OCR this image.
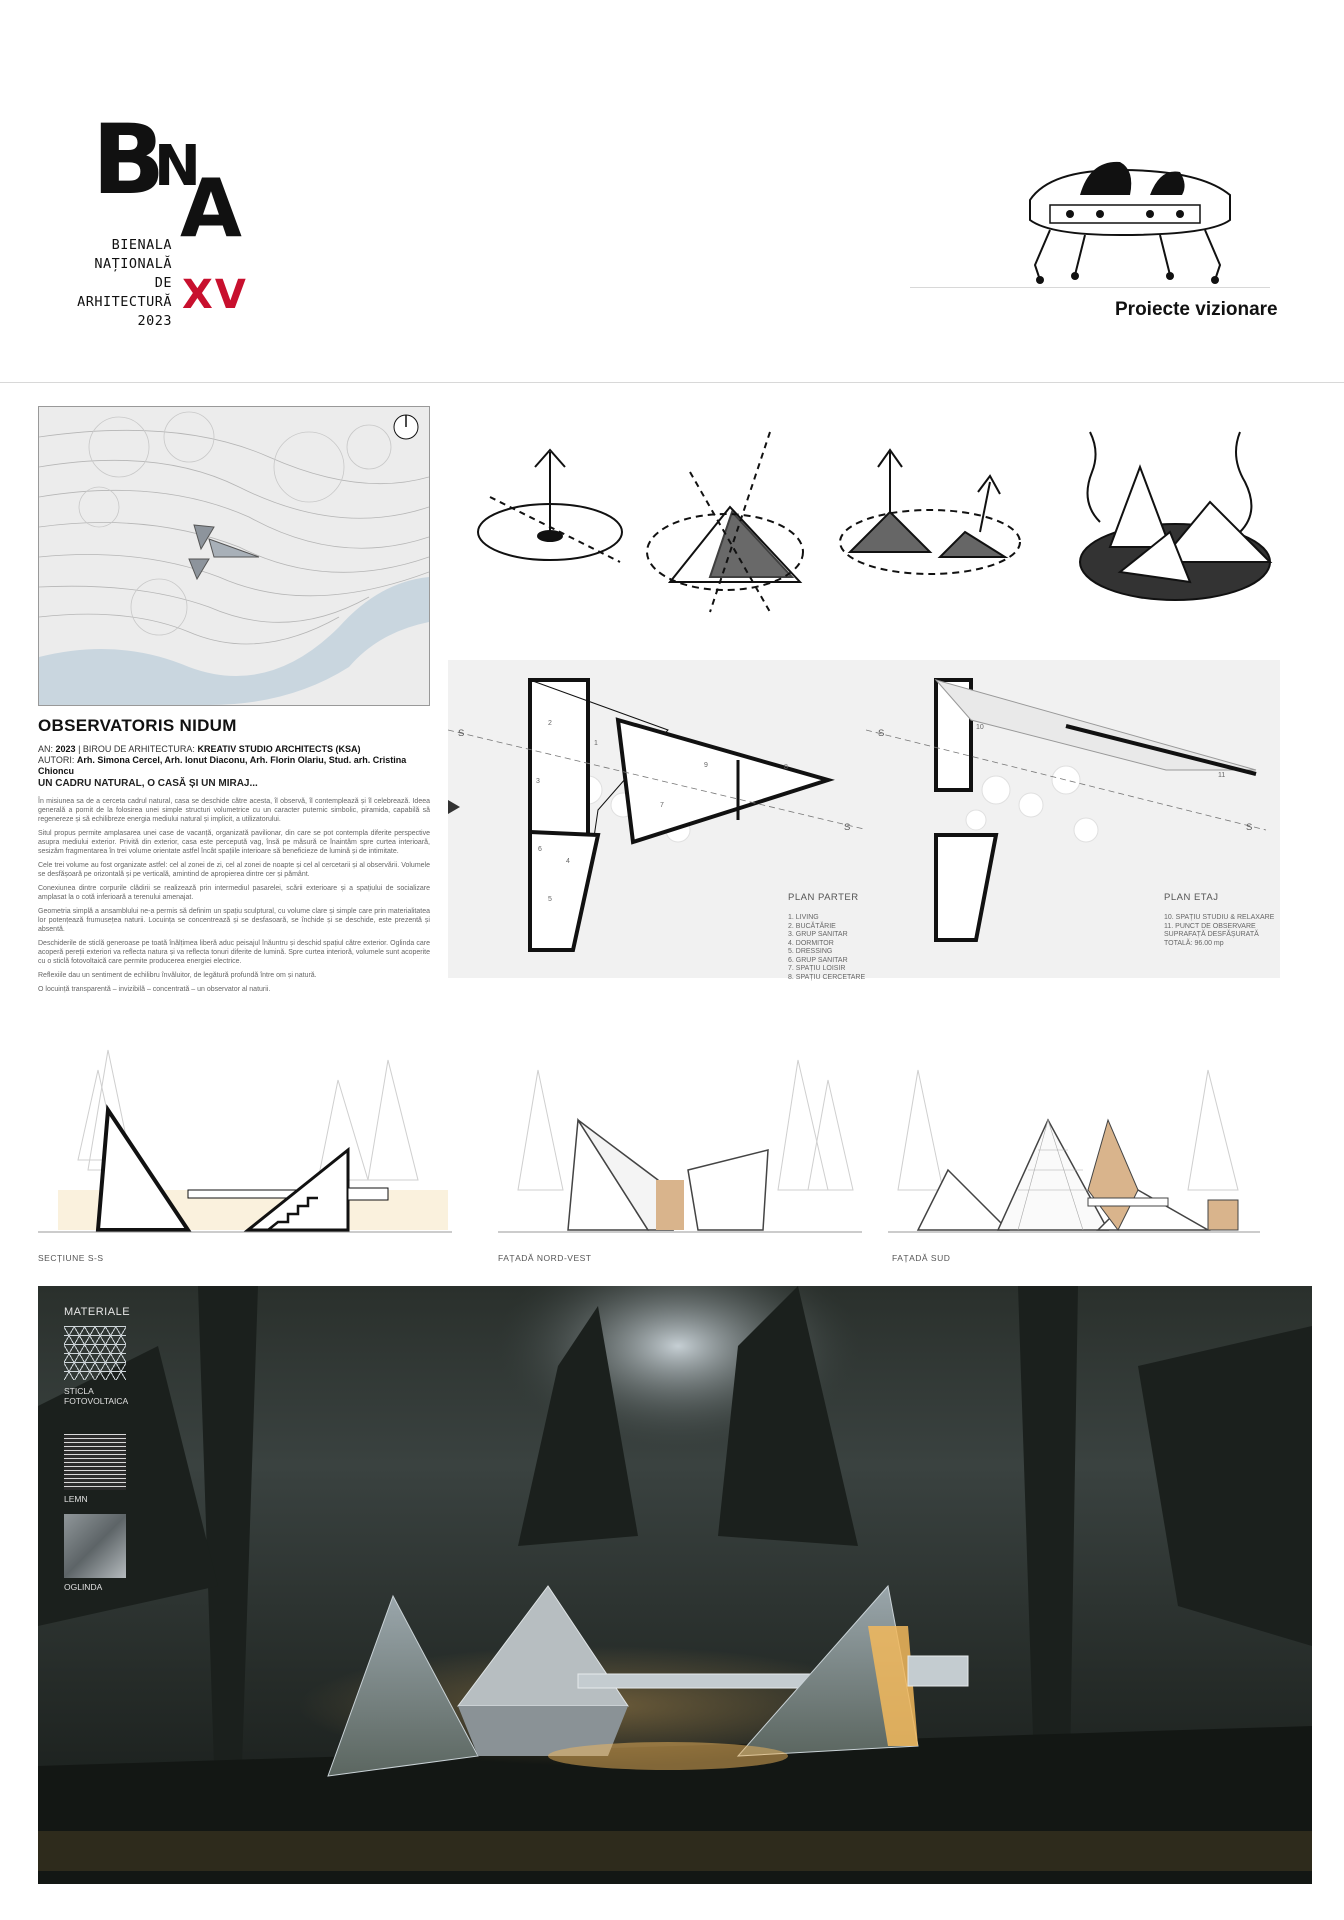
B
N
A
BIENALA
NAȚIONALĂ
DE
ARHITECTURĂ
2023
XV	Proiecte vizionare
OBSERVATORIS NIDUM
AN: 2023 | BIROU DE ARHITECTURA: KREATIV STUDIO ARCHITECTS (KSA)
AUTORI: Arh. Simona Cercel, Arh. Ionut Diaconu, Arh. Florin Olariu, Stud. arh. Cristina Chioncu
UN CADRU NATURAL, O CASĂ ȘI UN MIRAJ...

În misiunea sa de a cerceta cadrul natural, casa se deschide către acesta, îl observă, îl contemplează și îl celebrează. Ideea generală a pornit de la folosirea unei simple structuri volumetrice cu un caracter puternic simbolic, piramida, capabilă să regenereze și să echilibreze energia mediului natural și implicit, a utilizatorului.

Situl propus permite amplasarea unei case de vacanță, organizată pavilionar, din care se pot contempla diferite perspective asupra mediului exterior. Privită din exterior, casa este percepută vag, însă pe măsură ce înaintăm spre curtea interioară, sesizăm fragmentarea în trei volume orientate astfel încât spațiile interioare să beneficieze de lumină și de intimitate.

Cele trei volume au fost organizate astfel: cel al zonei de zi, cel al zonei de noapte și cel al cercetarii și al observării. Volumele se desfășoară pe orizontală și pe verticală, amintind de apropierea dintre cer și pământ.

Conexiunea dintre corpurile clădirii se realizează prin intermediul pasarelei, scării exterioare și a spațiului de socializare amplasat la o cotă inferioară a terenului amenajat.

Geometria simplă a ansamblului ne-a permis să definim un spațiu sculptural, cu volume clare și simple care prin materialitatea lor potențează frumusețea naturii. Locuința se concentrează și se desfasoară, se închide și se deschide, este prezentă și absentă.

Deschiderile de sticlă generoase pe toată înălțimea liberă aduc peisajul înăuntru și deschid spațiul către exterior. Oglinda care acoperă pereții exteriori va reflecta natura și va reflecta tonuri diferite de lumină. Spre curtea interioră, volumele sunt acoperite cu o sticlă fotovoltaică care permite producerea energiei electrice.

Reflexiile dau un sentiment de echilibru învăluitor, de legătură profundă între om și natură.

O locuință transparentă – invizibilă – concentrată – un observator al naturii.

S
S
1
2
3
4
5
6
7
8
9
PLAN PARTER
1. LIVING
2. BUCĂTĂRIE
3. GRUP SANITAR
4. DORMITOR
5. DRESSING
6. GRUP SANITAR
7. SPAȚIU LOISIR
8. SPAȚIU CERCETARE
S
S
10
11
PLAN ETAJ
10. SPAȚIU STUDIU & RELAXARE
11. PUNCT DE OBSERVARE
SUPRAFAȚĂ DESFĂȘURATĂ TOTALĂ: 96.00 mp
SECȚIUNE S-S	FAȚADĂ NORD-VEST	FAȚADĂ SUD
MATERIALE
STICLA FOTOVOLTAICA
LEMN
OGLINDA
